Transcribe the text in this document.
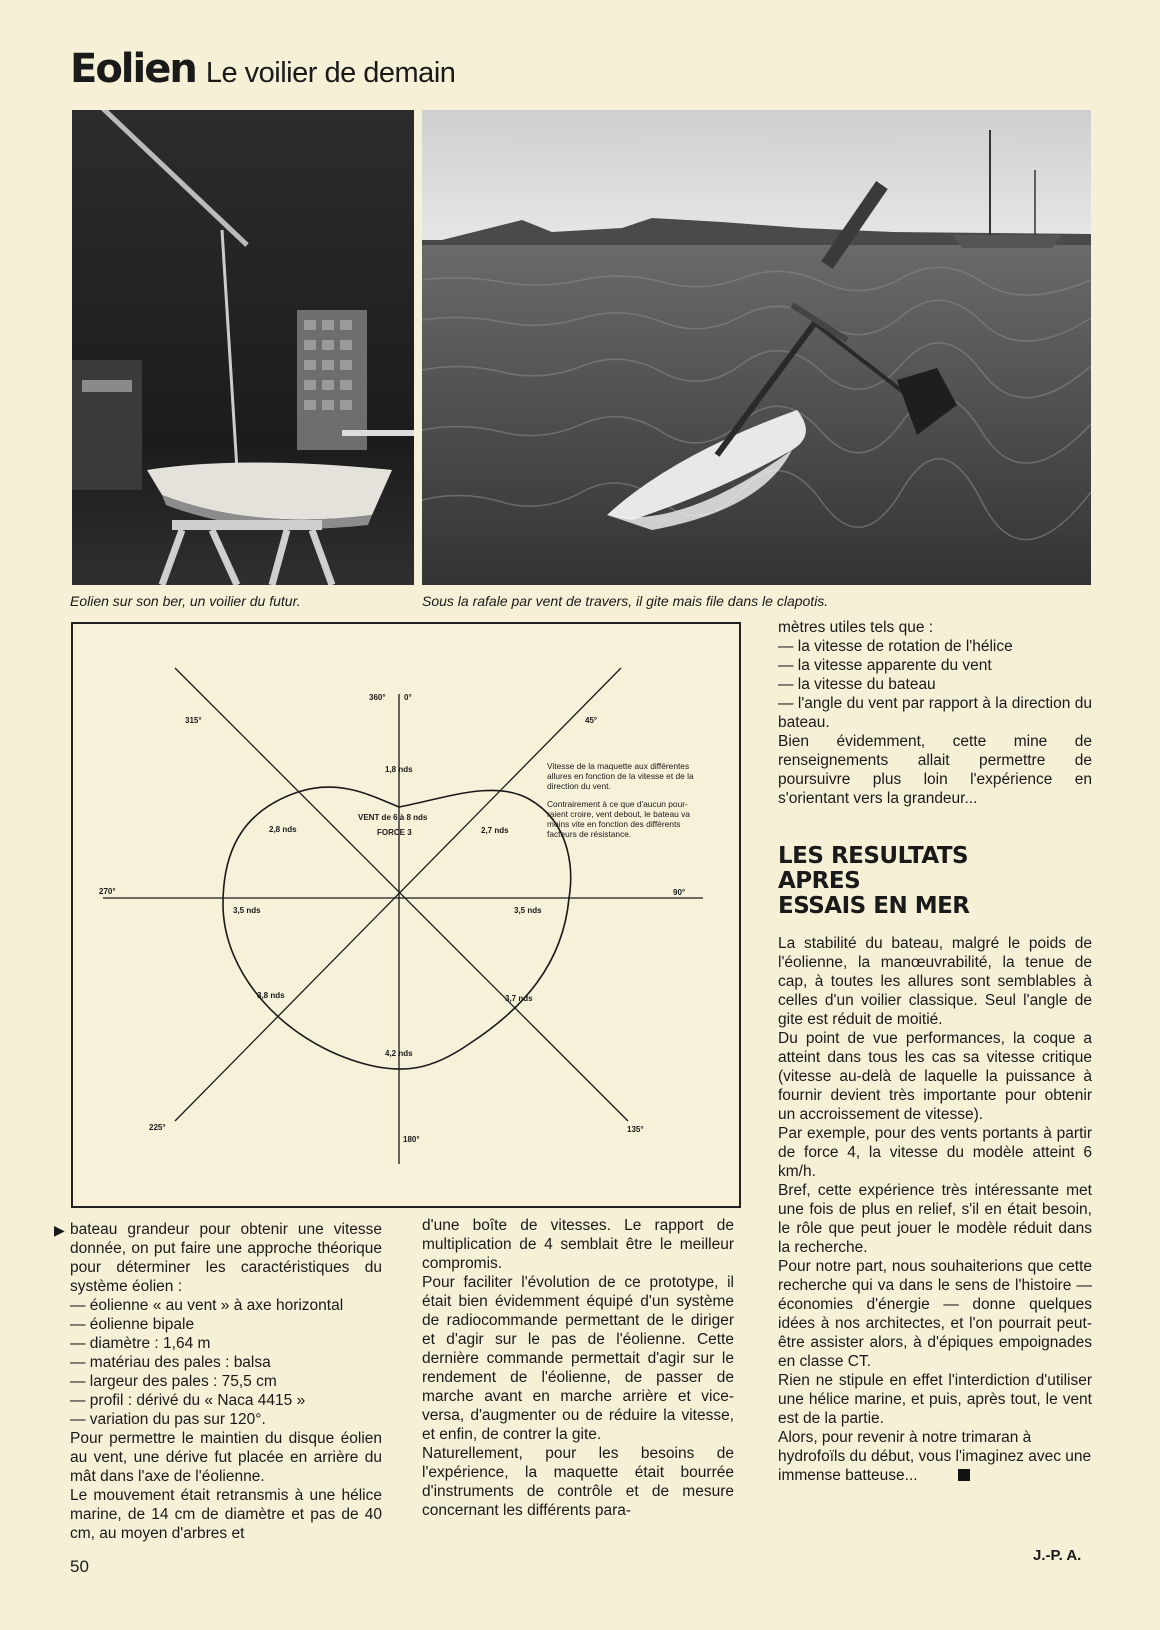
Eolien Le voilier de demain
Eolien sur son ber, un voilier du futur.	Sous la rafale par vent de travers, il gite mais file dans le clapotis.
360° 0°
45°
90°
135°
180°
225°
270°
315°
1,8 nds
2,7 nds
3,5 nds
3,7 nds
4,2 nds
3,8 nds
3,5 nds
2,8 nds
VENT de 6 à 8 nds
FORCE 3
Vitesse de la maquette aux différentes
allures en fonction de la vitesse et de la
direction du vent.
Contrairement à ce que d'aucun pour-
raient croire, vent debout, le bateau va
moins vite en fonction des différents
facteurs de résistance.
▶ bateau grandeur pour obtenir une vitesse donnée, on put faire une approche théorique pour déterminer les caractéristiques du système éolien :

— éolienne « au vent » à axe horizontal

— éolienne bipale

— diamètre : 1,64 m

— matériau des pales : balsa

— largeur des pales : 75,5 cm

— profil : dérivé du « Naca 4415 »

— variation du pas sur 120°.

Pour permettre le maintien du disque éolien au vent, une dérive fut placée en arrière du mât dans l'axe de l'éolienne.

Le mouvement était retransmis à une hélice marine, de 14 cm de diamètre et pas de 40 cm, au moyen d'arbres et

d'une boîte de vitesses. Le rapport de multiplication de 4 semblait être le meilleur compromis.

Pour faciliter l'évolution de ce prototype, il était bien évidemment équipé d'un système de radiocommande permettant de le diriger et d'agir sur le pas de l'éolienne. Cette dernière commande permettait d'agir sur le rendement de l'éolienne, de passer de marche avant en marche arrière et vice-versa, d'augmenter ou de réduire la vitesse, et enfin, de contrer la gite.

Naturellement, pour les besoins de l'expérience, la maquette était bourrée d'instruments de contrôle et de mesure concernant les différents para-

mètres utiles tels que :

— la vitesse de rotation de l'hélice

— la vitesse apparente du vent

— la vitesse du bateau

— l'angle du vent par rapport à la direction du bateau.

Bien évidemment, cette mine de renseignements allait permettre de poursuivre plus loin l'expérience en s'orientant vers la grandeur...

LES RESULTATS
APRES
ESSAIS EN MER

La stabilité du bateau, malgré le poids de l'éolienne, la manœuvrabilité, la tenue de cap, à toutes les allures sont semblables à celles d'un voilier classique. Seul l'angle de gite est réduit de moitié.

Du point de vue performances, la coque a atteint dans tous les cas sa vitesse critique (vitesse au-delà de laquelle la puissance à fournir devient très importante pour obtenir un accroissement de vitesse).

Par exemple, pour des vents portants à partir de force 4, la vitesse du modèle atteint 6 km/h.

Bref, cette expérience très intéressante met une fois de plus en relief, s'il en était besoin, le rôle que peut jouer le modèle réduit dans la recherche.

Pour notre part, nous souhaiterions que cette recherche qui va dans le sens de l'histoire — économies d'énergie — donne quelques idées à nos architectes, et l'on pourrait peut-être assister alors, à d'épiques empoignades en classe CT.

Rien ne stipule en effet l'interdiction d'utiliser une hélice marine, et puis, après tout, le vent est de la partie.

Alors, pour revenir à notre trimaran à hydrofoïls du début, vous l'imaginez avec une immense batteuse...

J.-P. A.
50
